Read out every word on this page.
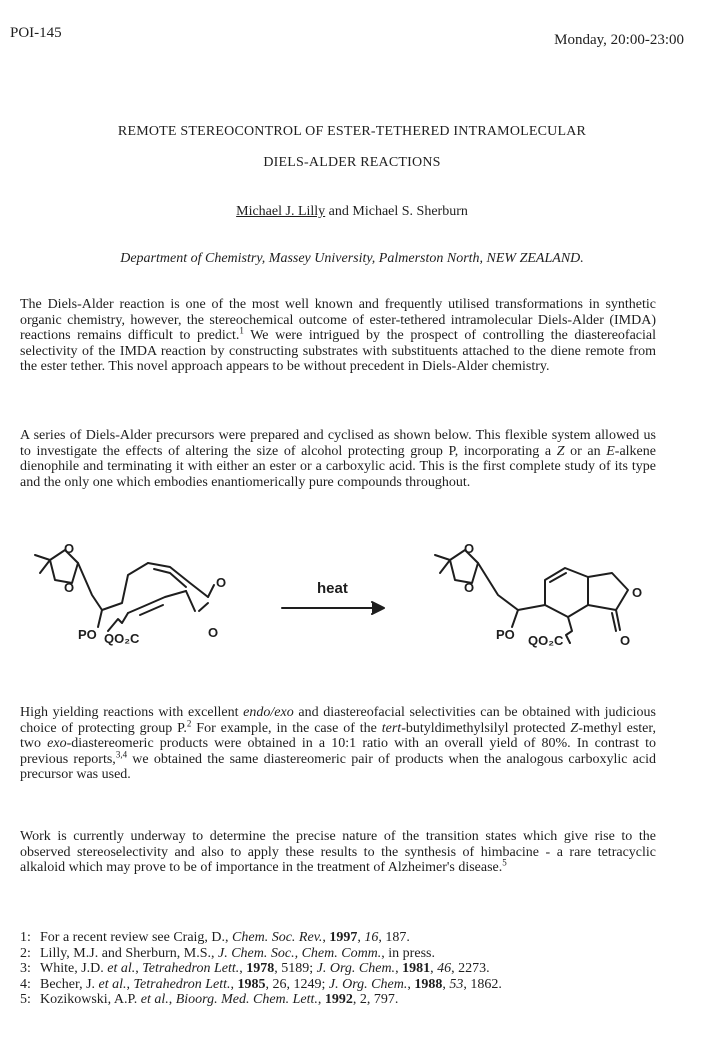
POI-145	Monday, 20:00-23:00
REMOTE STEREOCONTROL OF ESTER-TETHERED INTRAMOLECULAR
DIELS-ALDER REACTIONS
Michael J. Lilly and Michael S. Sherburn
Department of Chemistry, Massey University, Palmerston North, NEW ZEALAND.
The Diels-Alder reaction is one of the most well known and frequently utilised transformations in synthetic organic chemistry, however, the stereochemical outcome of ester-tethered intramolecular Diels-Alder (IMDA) reactions remains difficult to predict.$^1$ We were intrigued by the prospect of controlling the diastereofacial selectivity of the IMDA reaction by constructing substrates with substituents attached to the diene remote from the ester tether. This novel approach appears to be without precedent in Diels-Alder chemistry.
A series of Diels-Alder precursors were prepared and cyclised as shown below. This flexible system allowed us to investigate the effects of altering the size of alcohol protecting group P, incorporating a Z or an E-alkene dienophile and terminating it with either an ester or a carboxylic acid. This is the first complete study of its type and the only one which embodies enantiomerically pure compounds throughout.
O
O	O
O
PO QO₂C
heat
O
O	O
O
PO QO₂C
High yielding reactions with excellent endo/exo and diastereofacial selectivities can be obtained with judicious choice of protecting group P.$^2$ For example, in the case of the tert-butyldimethylsilyl protected Z-methyl ester, two exo-diastereomeric products were obtained in a 10:1 ratio with an overall yield of 80%. In contrast to previous reports,$^{3,4}$ we obtained the same diastereomeric pair of products when the analogous carboxylic acid precursor was used.
Work is currently underway to determine the precise nature of the transition states which give rise to the observed stereoselectivity and also to apply these results to the synthesis of himbacine - a rare tetracyclic alkaloid which may prove to be of importance in the treatment of Alzheimer's disease.$^5$
1: For a recent review see Craig, D., Chem. Soc. Rev., 1997, 16, 187.
2: Lilly, M.J. and Sherburn, M.S., J. Chem. Soc., Chem. Comm., in press.
3: White, J.D. et al., Tetrahedron Lett., 1978, 5189; J. Org. Chem., 1981, 46, 2273.
4: Becher, J. et al., Tetrahedron Lett., 1985, 26, 1249; J. Org. Chem., 1988, 53, 1862.
5: Kozikowski, A.P. et al., Bioorg. Med. Chem. Lett., 1992, 2, 797.
